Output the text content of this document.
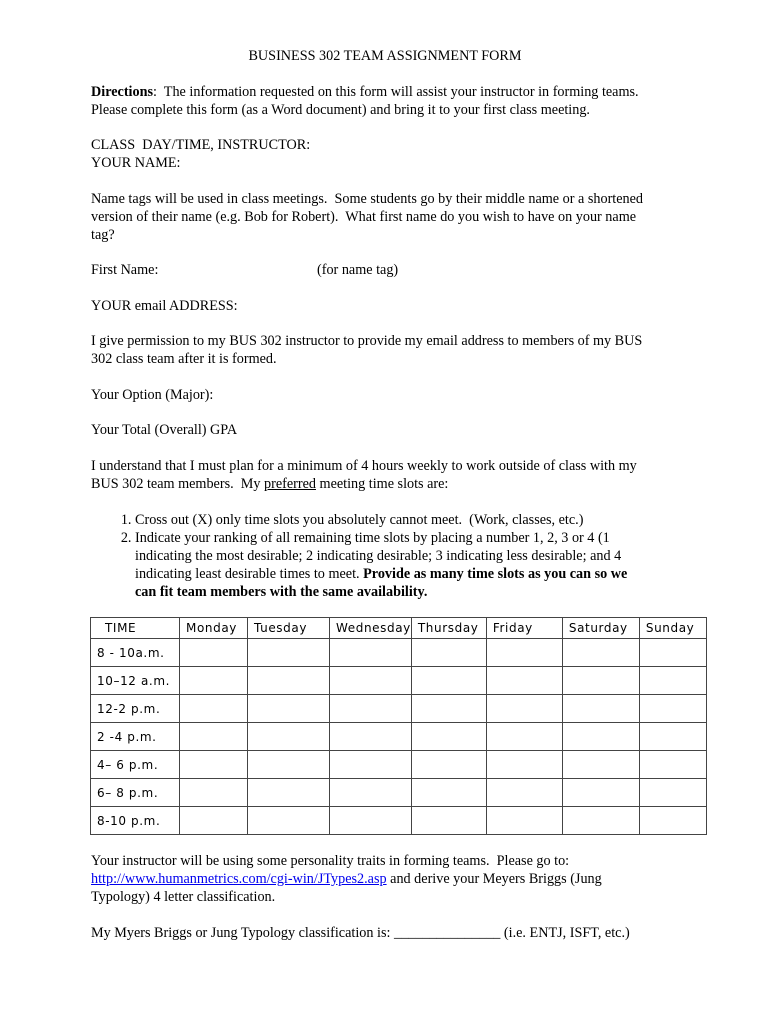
BUSINESS 302 TEAM ASSIGNMENT FORM

Directions:  The information requested on this form will assist your instructor in forming teams.

Please complete this form (as a Word document) and bring it to your first class meeting.

CLASS  DAY/TIME, INSTRUCTOR:

YOUR NAME:

Name tags will be used in class meetings.  Some students go by their middle name or a shortened

version of their name (e.g. Bob for Robert).  What first name do you wish to have on your name

tag?

First Name:	(for name tag)
YOUR email ADDRESS:

I give permission to my BUS 302 instructor to provide my email address to members of my BUS

302 class team after it is formed.

Your Option (Major):
Your Total (Overall) GPA

I understand that I must plan for a minimum of 4 hours weekly to work outside of class with my

BUS 302 team members.  My preferred meeting time slots are:

1. Cross out (X) only time slots you absolutely cannot meet.  (Work, classes, etc.)
2. Indicate your ranking of all remaining time slots by placing a number 1, 2, 3 or 4 (1
indicating the most desirable; 2 indicating desirable; 3 indicating less desirable; and 4
indicating least desirable times to meet. Provide as many time slots as you can so we
can fit team members with the same availability.
TIME	Monday	Tuesday	Wednesday	Thursday	Friday	Saturday	Sunday
8 - 10a.m.							
10–12 a.m.							
12-2 p.m.							
2 -4 p.m.							
4– 6 p.m.							
6– 8 p.m.							
8-10 p.m.							

Your instructor will be using some personality traits in forming teams.  Please go to:

http://www.humanmetrics.com/cgi-win/JTypes2.asp and derive your Meyers Briggs (Jung

Typology) 4 letter classification.

My Myers Briggs or Jung Typology classification is: _______________ (i.e. ENTJ, ISFT, etc.)
